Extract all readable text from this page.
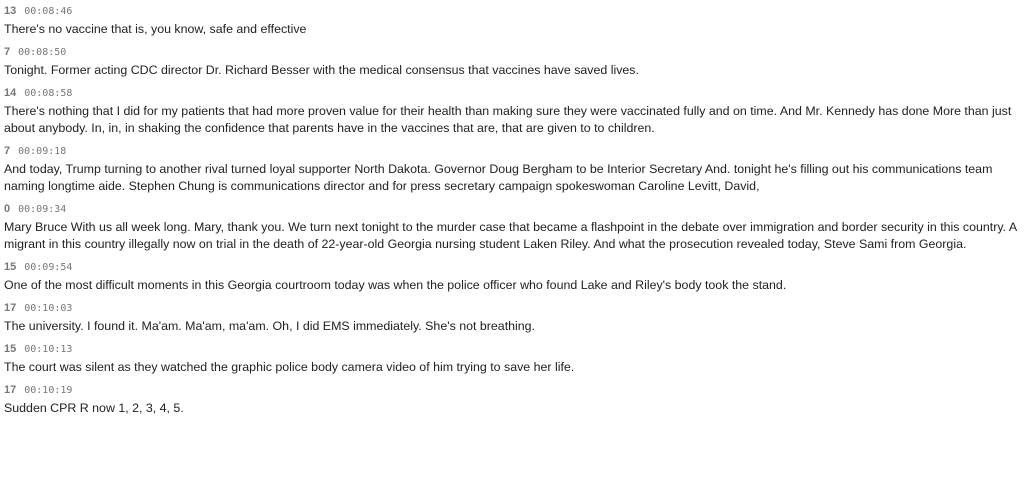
13 00:08:46
There's no vaccine that is, you know, safe and effective
7 00:08:50
Tonight. Former acting CDC director Dr. Richard Besser with the medical consensus that vaccines have saved lives.
14 00:08:58
There's nothing that I did for my patients that had more proven value for their health than making sure they were vaccinated fully and on time. And Mr. Kennedy has done More than just about anybody. In, in, in shaking the confidence that parents have in the vaccines that are, that are given to to children.
7 00:09:18
And today, Trump turning to another rival turned loyal supporter North Dakota. Governor Doug Bergham to be Interior Secretary And. tonight he's filling out his communications team naming longtime aide. Stephen Chung is communications director and for press secretary campaign spokeswoman Caroline Levitt, David,
0 00:09:34
Mary Bruce With us all week long. Mary, thank you. We turn next tonight to the murder case that became a flashpoint in the debate over immigration and border security in this country. A migrant in this country illegally now on trial in the death of 22-year-old Georgia nursing student Laken Riley. And what the prosecution revealed today, Steve Sami from Georgia.
15 00:09:54
One of the most difficult moments in this Georgia courtroom today was when the police officer who found Lake and Riley's body took the stand.
17 00:10:03
The university. I found it. Ma'am. Ma'am, ma'am. Oh, I did EMS immediately. She's not breathing.
15 00:10:13
The court was silent as they watched the graphic police body camera video of him trying to save her life.
17 00:10:19
Sudden CPR R now 1, 2, 3, 4, 5.
